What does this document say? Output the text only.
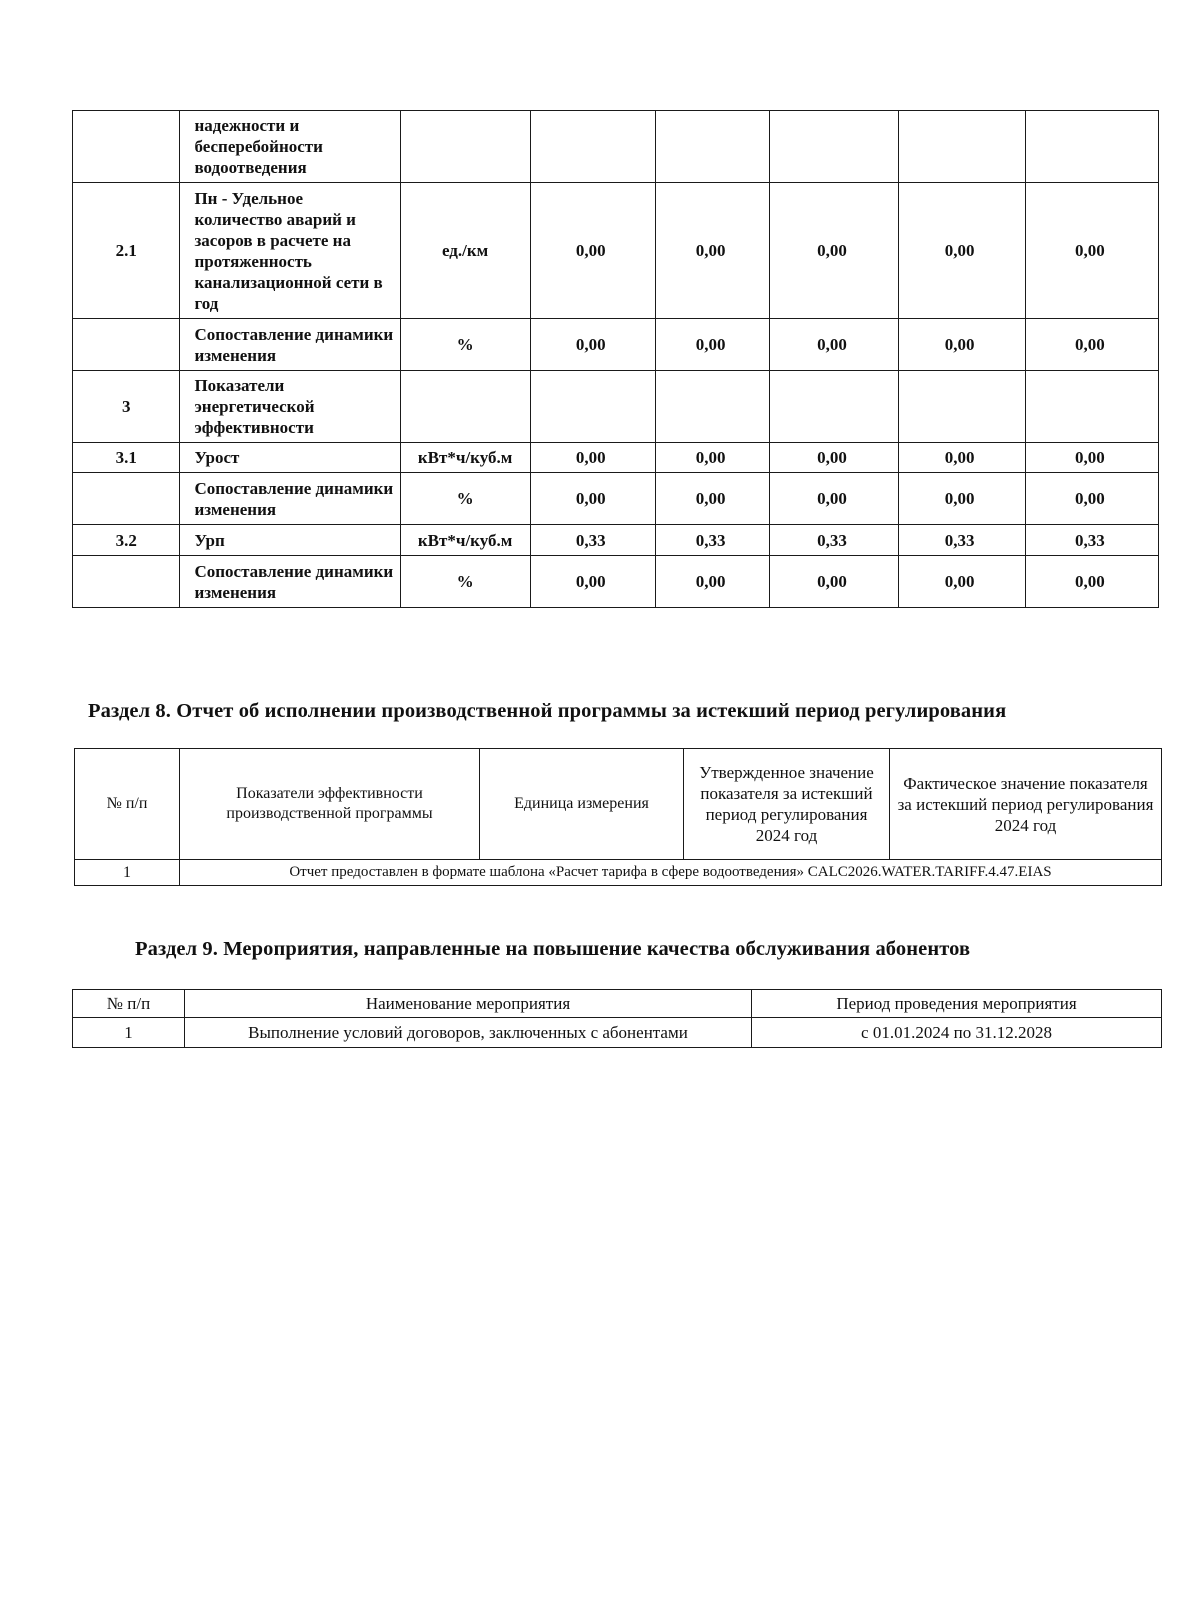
	надежности и бесперебойности водоотведения						
2.1	Пн - Удельное количество аварий и засоров в расчете на протяженность канализационной сети в год	ед./км	0,00	0,00	0,00	0,00	0,00
	Сопоставление динамики изменения	%	0,00	0,00	0,00	0,00	0,00
3	Показатели энергетической эффективности						
3.1	Урост	кВт*ч/куб.м	0,00	0,00	0,00	0,00	0,00
	Сопоставление динамики изменения	%	0,00	0,00	0,00	0,00	0,00
3.2	Урп	кВт*ч/куб.м	0,33	0,33	0,33	0,33	0,33
	Сопоставление динамики изменения	%	0,00	0,00	0,00	0,00	0,00
Раздел 8. Отчет об исполнении производственной программы за истекший период регулирования
№ п/п	Показатели эффективности производственной программы	Единица измерения	Утвержденное значение показателя за истекший период регулирования 2024 год	Фактическое значение показателя за истекший период регулирования 2024 год
1	Отчет предоставлен в формате шаблона «Расчет тарифа в сфере водоотведения» CALC2026.WATER.TARIFF.4.47.EIAS			
Раздел 9. Мероприятия, направленные на повышение качества обслуживания абонентов
№ п/п	Наименование мероприятия	Период проведения мероприятия
1	Выполнение условий договоров, заключенных с абонентами	с 01.01.2024 по 31.12.2028
